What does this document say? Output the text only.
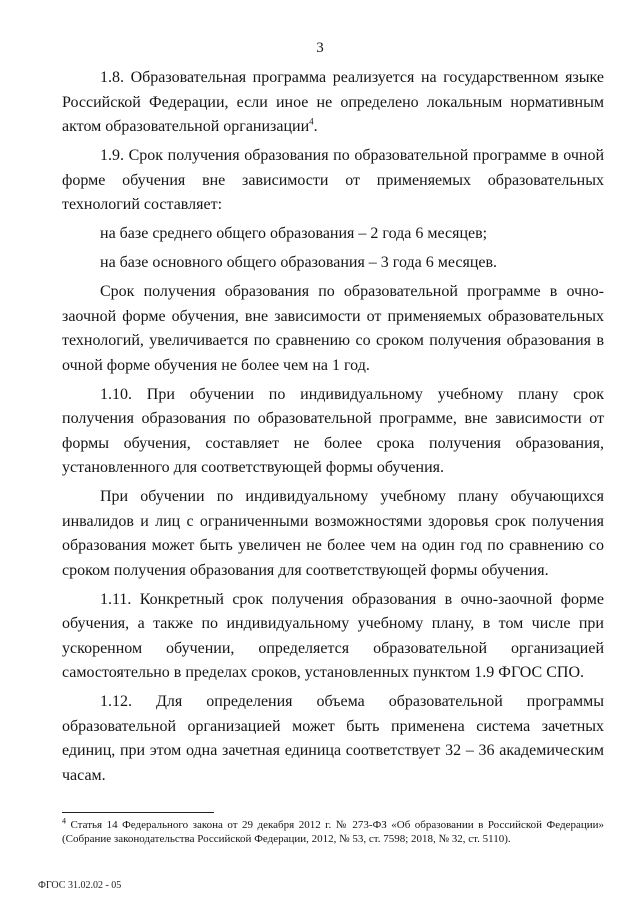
3

1.8. Образовательная программа реализуется на государственном языке Российской Федерации, если иное не определено локальным нормативным актом образовательной организации$^4$.

1.9. Срок получения образования по образовательной программе в очной форме обучения вне зависимости от применяемых образовательных технологий составляет:

на базе среднего общего образования – 2 года 6 месяцев;

на базе основного общего образования – 3 года 6 месяцев.

Срок получения образования по образовательной программе в очно-заочной форме обучения, вне зависимости от применяемых образовательных технологий, увеличивается по сравнению со сроком получения образования в очной форме обучения не более чем на 1 год.

1.10. При обучении по индивидуальному учебному плану срок получения образования по образовательной программе, вне зависимости от формы обучения, составляет не более срока получения образования, установленного для соответствующей формы обучения.

При обучении по индивидуальному учебному плану обучающихся инвалидов и лиц с ограниченными возможностями здоровья срок получения образования может быть увеличен не более чем на один год по сравнению со сроком получения образования для соответствующей формы обучения.

1.11. Конкретный срок получения образования в очно-заочной форме обучения, а также по индивидуальному учебному плану, в том числе при ускоренном обучении, определяется образовательной организацией самостоятельно в пределах сроков, установленных пунктом 1.9 ФГОС СПО.

1.12. Для определения объема образовательной программы образовательной организацией может быть применена система зачетных единиц, при этом одна зачетная единица соответствует 32 – 36 академическим часам.

$^4$ Статья 14 Федерального закона от 29 декабря 2012 г. № 273-ФЗ «Об образовании в Российской Федерации» (Собрание законодательства Российской Федерации, 2012, № 53, ст. 7598; 2018, № 32, ст. 5110).
ФГОС 31.02.02 - 05
